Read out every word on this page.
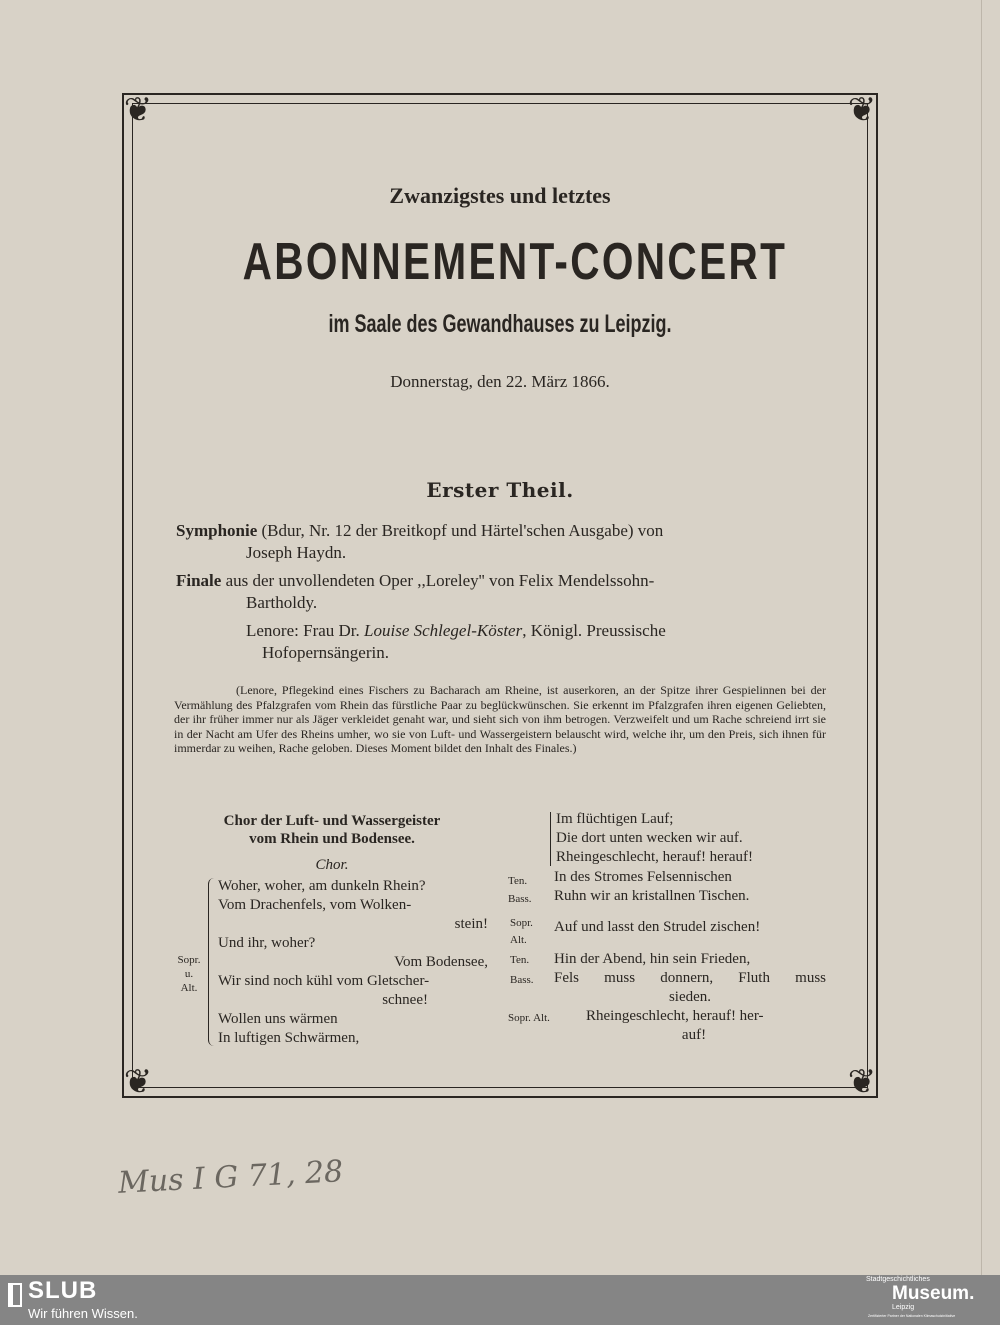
❦	❦
❦	❦
Zwanzigstes und letztes
ABONNEMENT-CONCERT
im Saale des Gewandhauses zu Leipzig.
Donnerstag, den 22. März 1866.
Erster Theil.
Symphonie (Bdur, Nr. 12 der Breitkopf und Härtel'schen Ausgabe) von
Joseph Haydn.
Finale aus der unvollendeten Oper ,,Loreley'' von Felix Mendelssohn-
Bartholdy.
Lenore: Frau Dr. Louise Schlegel-Köster, Königl. Preussische
Hofopernsängerin.
(Lenore, Pflegekind eines Fischers zu Bacharach am Rheine, ist auserkoren, an der Spitze ihrer Gespielinnen bei der Vermählung des Pfalzgrafen vom Rhein das fürstliche Paar zu beglückwünschen. Sie erkennt im Pfalzgrafen ihren eigenen Geliebten, der ihr früher immer nur als Jäger verkleidet genaht war, und sieht sich von ihm betrogen. Verzweifelt und um Rache schreiend irrt sie in der Nacht am Ufer des Rheins umher, wo sie von Luft- und Wassergeistern belauscht wird, welche ihr, um den Preis, sich ihnen für immerdar zu weihen, Rache geloben. Dieses Moment bildet den Inhalt des Finales.)
Chor der Luft- und Wassergeister
vom Rhein und Bodensee.
Chor.
Sopr.
u.
Alt.
Woher, woher, am dunkeln Rhein?
Vom Drachenfels, vom Wolken-
stein!
Und ihr, woher?
Vom Bodensee,
Wir sind noch kühl vom Gletscher-
schnee!
Wollen uns wärmen
In luftigen Schwärmen,
Im flüchtigen Lauf;
Die dort unten wecken wir auf.
Rheingeschlecht, herauf! herauf!
Ten.
Bass.
In des Stromes Felsennischen
Ruhn wir an kristallnen Tischen.
Sopr.
Alt.
Auf und lasst den Strudel zischen!
Ten. Hin der Abend, hin sein Frieden,
Bass. Fels muss donnern, Fluth muss
sieden.
Sopr. Alt. Rheingeschlecht, herauf! her-
auf!
Mus I G 71, 28
SLUB
Wir führen Wissen.
Stadtgeschichtliches
Museum.
Leipzig
Zertifizierter Partner der Nationalen Klimaschutzinitiative
